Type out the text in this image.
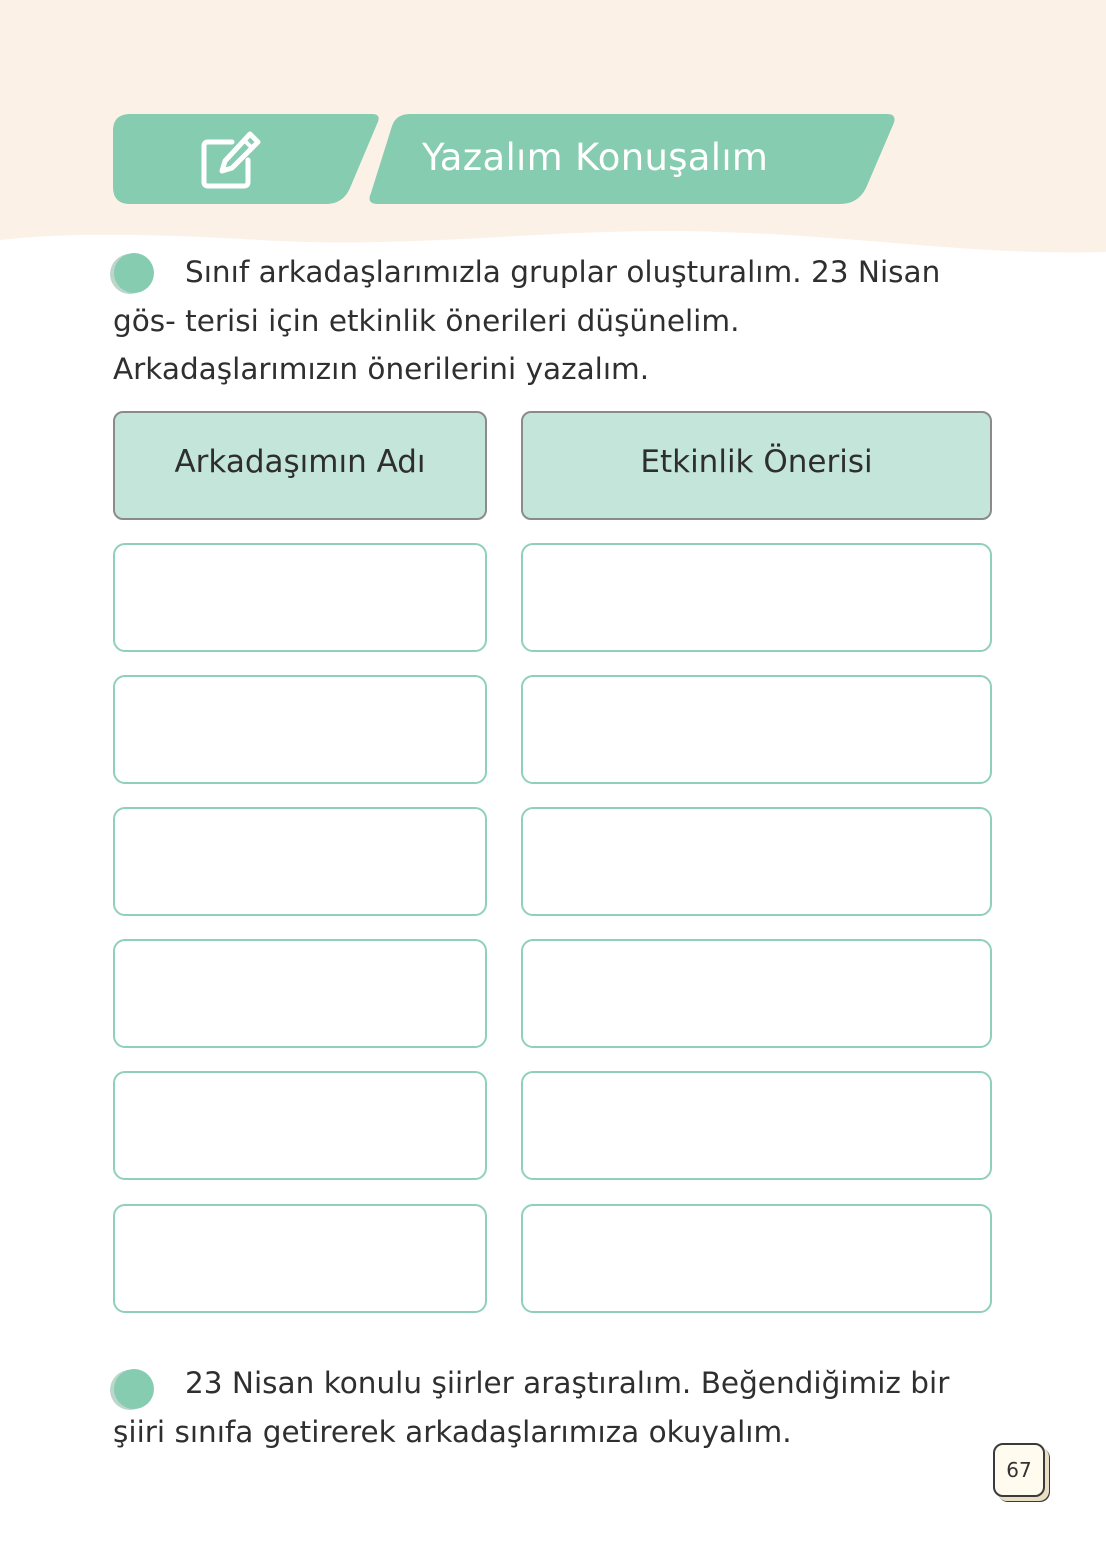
Yazalım Konuşalım

Sınıf arkadaşlarımızla gruplar oluşturalım. 23 Nisan gös- terisi için etkinlik önerileri düşünelim. Arkadaşlarımızın önerilerini yazalım.

Arkadaşımın Adı	Etkinlik Önerisi

23 Nisan konulu şiirler araştıralım. Beğendiğimiz bir şiiri sınıfa getirerek arkadaşlarımıza okuyalım.

67
